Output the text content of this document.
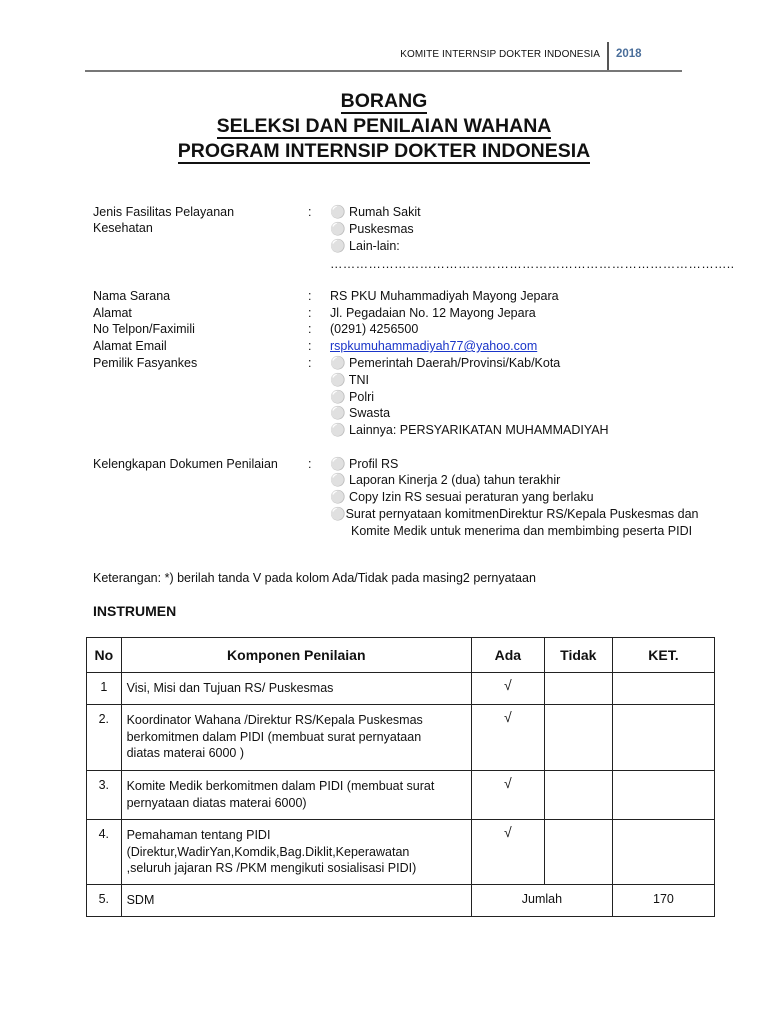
KOMITE INTERNSIP DOKTER INDONESIA 2018
BORANG
SELEKSI DAN PENILAIAN WAHANA
PROGRAM INTERNSIP DOKTER INDONESIA
Jenis Fasilitas Pelayanan
Kesehatan
: ⚪ Rumah Sakit
⚪ Puskesmas
⚪ Lain-lain:
…………………………………………………………………………………..
Nama Sarana	: RS PKU Muhammadiyah Mayong Jepara
Alamat	: Jl. Pegadaian No. 12 Mayong Jepara
No Telpon/Faximili	: (0291) 4256500
Alamat Email	: rspkumuhammadiyah77@yahoo.com
Pemilik Fasyankes	: ⚪ Pemerintah Daerah/Provinsi/Kab/Kota
⚪ TNI
⚪ Polri
⚪ Swasta
⚪ Lainnya: PERSYARIKATAN MUHAMMADIYAH
Kelengkapan Dokumen Penilaian : ⚪ Profil RS
⚪ Laporan Kinerja 2 (dua) tahun terakhir
⚪ Copy Izin RS sesuai peraturan yang berlaku
⚪Surat pernyataan komitmenDirektur RS/Kepala Puskesmas dan
Komite Medik untuk menerima dan membimbing peserta PIDI
Keterangan: *) berilah tanda V pada kolom Ada/Tidak pada masing2 pernyataan
INSTRUMEN
No	Komponen Penilaian	Ada	Tidak	KET.
1	Visi, Misi dan Tujuan RS/ Puskesmas	√		
2.	Koordinator Wahana /Direktur RS/Kepala Puskesmas
berkomitmen dalam PIDI (membuat surat pernyataan
diatas materai 6000 )	√		
3.	Komite Medik berkomitmen dalam PIDI (membuat surat
pernyataan diatas materai 6000)	√		
4.	Pemahaman tentang PIDI
(Direktur,WadirYan,Komdik,Bag.Diklit,Keperawatan
,seluruh jajaran RS /PKM mengikuti sosialisasi PIDI)	√		
5.	SDM	Jumlah		170
